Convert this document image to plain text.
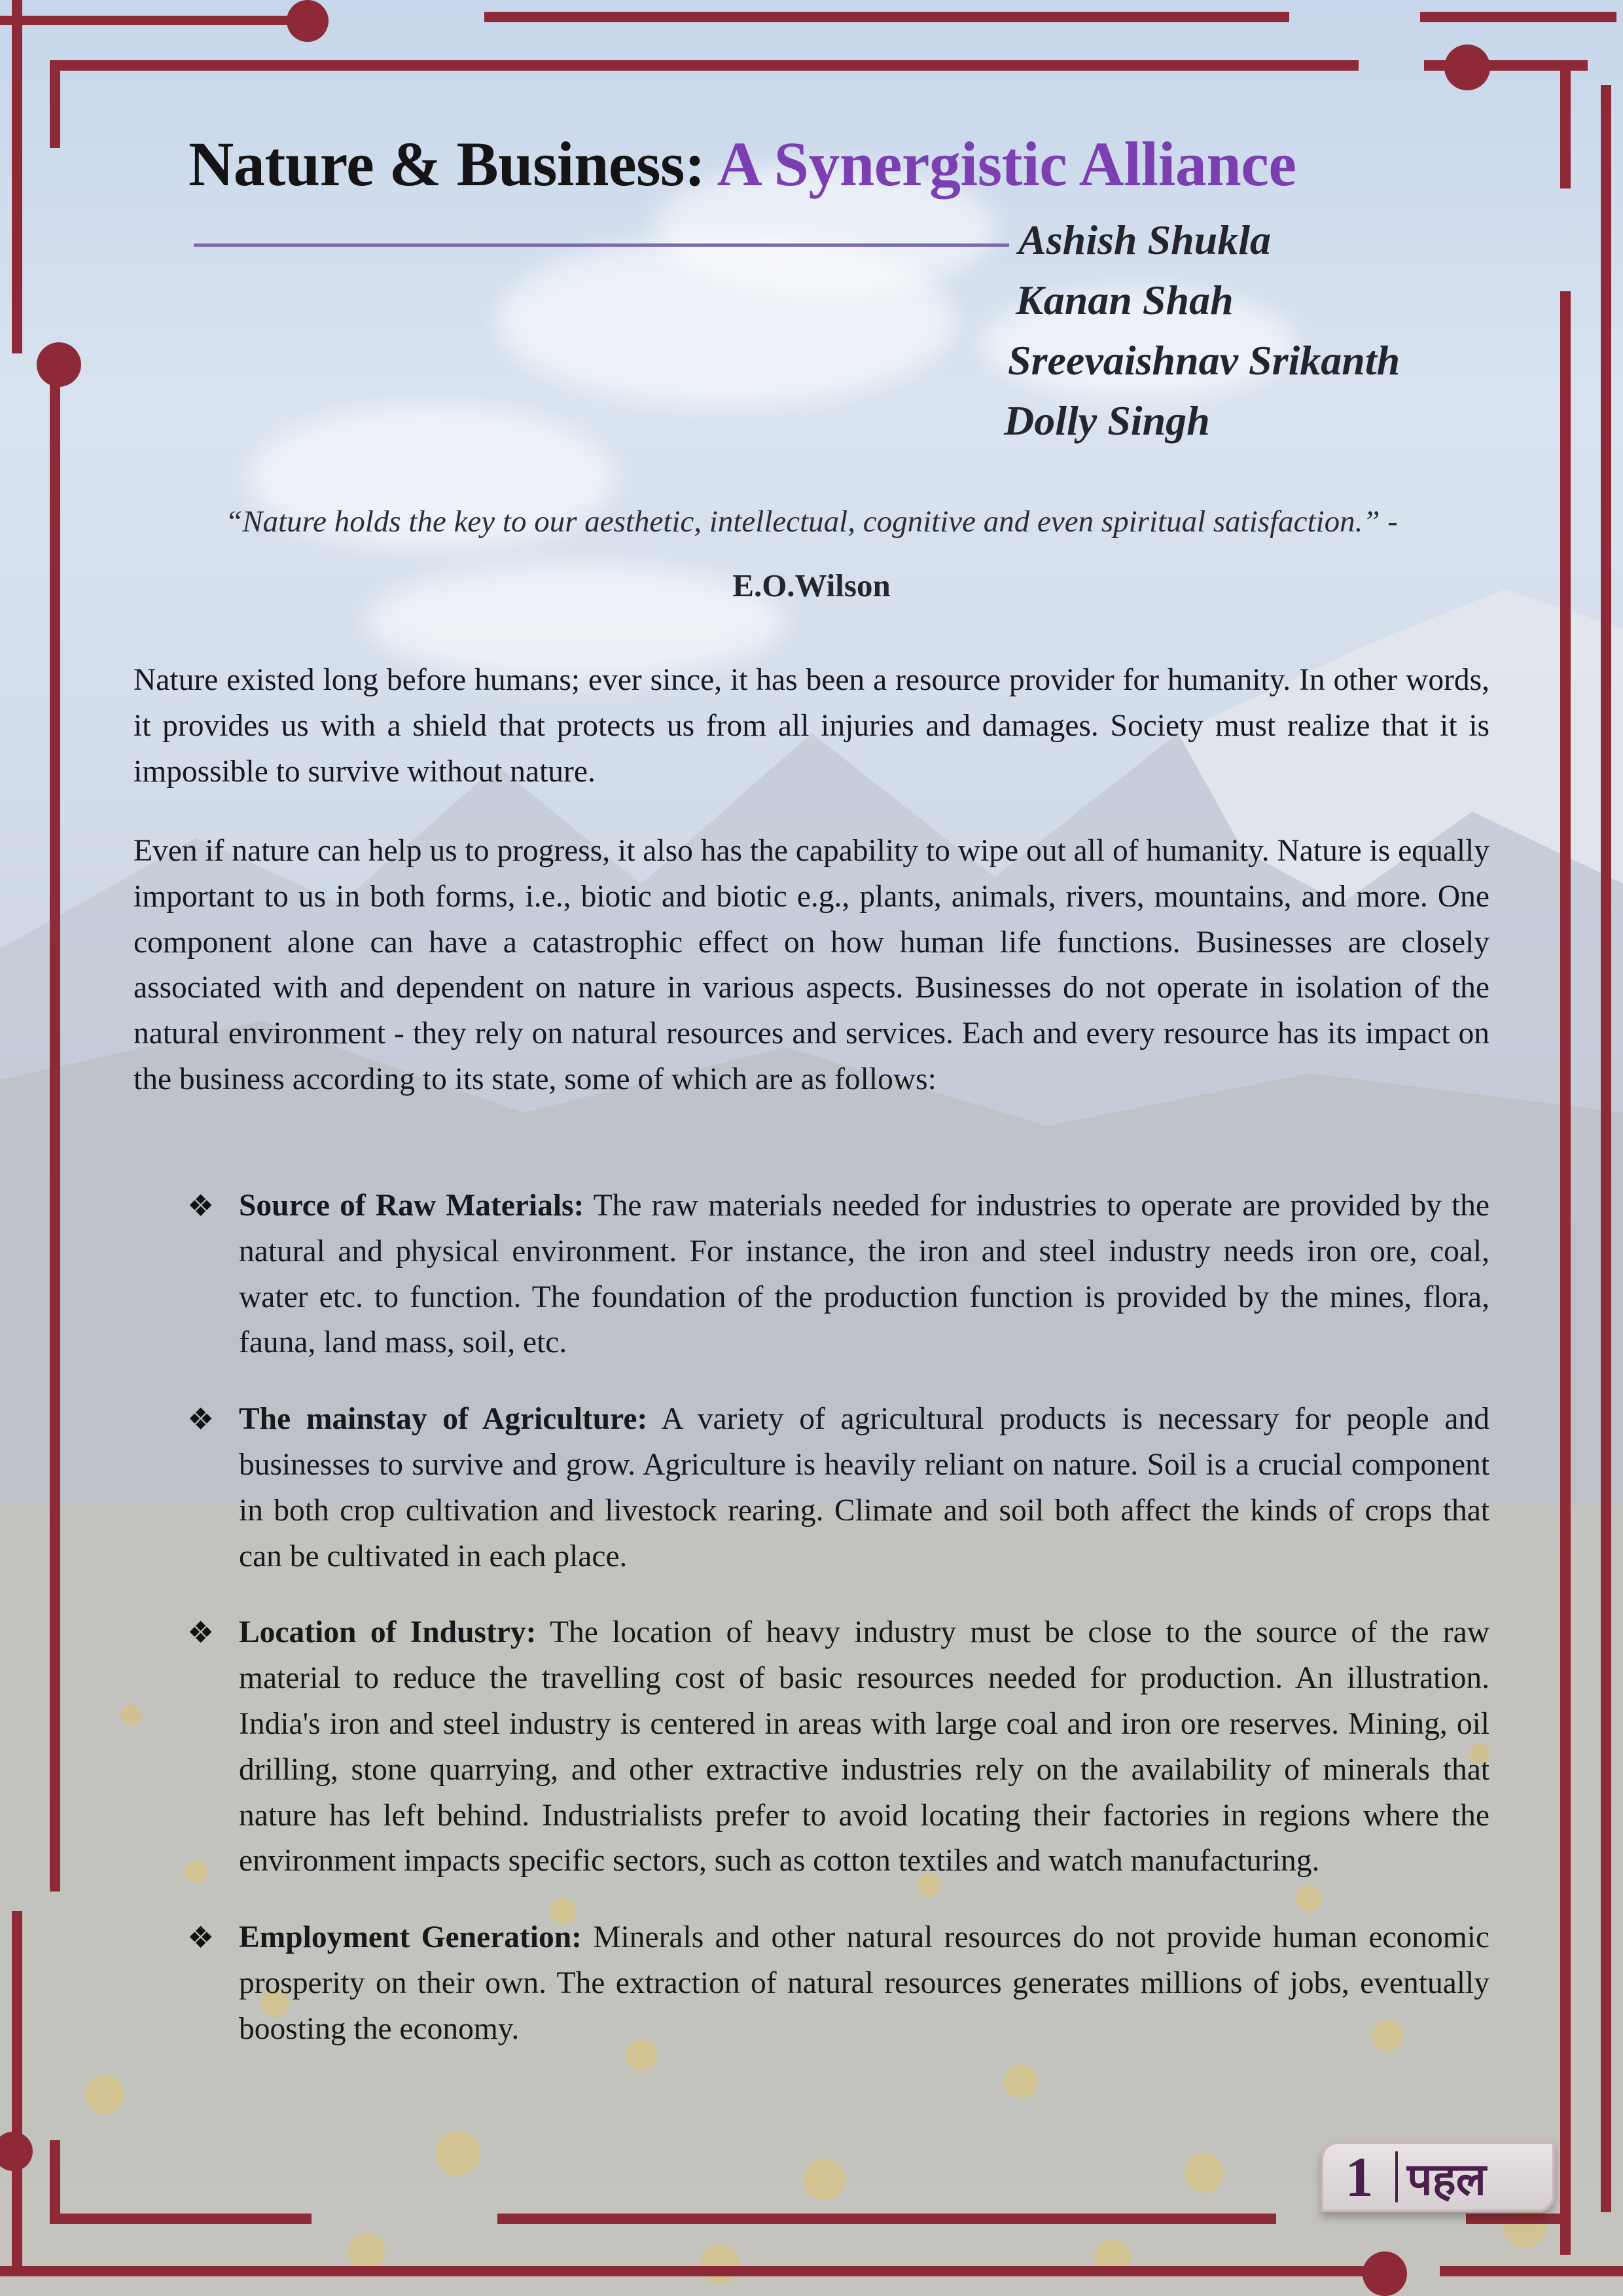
Nature & Business: A Synergistic Alliance
Ashish Shukla
Kanan Shah
Sreevaishnav Srikanth
Dolly Singh
“Nature holds the key to our aesthetic, intellectual, cognitive and even spiritual satisfaction.” -
E.O.Wilson

Nature existed long before humans; ever since, it has been a resource provider for humanity. In other words, it provides us with a shield that protects us from all injuries and damages. Society must realize that it is impossible to survive without nature.

Even if nature can help us to progress, it also has the capability to wipe out all of humanity. Nature is equally important to us in both forms, i.e., biotic and biotic e.g., plants, animals, rivers, mountains, and more. One component alone can have a catastrophic effect on how human life functions. Businesses are closely associated with and dependent on nature in various aspects. Businesses do not operate in isolation of the natural environment - they rely on natural resources and services. Each and every resource has its impact on the business according to its state, some of which are as follows:

❖ Source of Raw Materials: The raw materials needed for industries to operate are provided by the natural and physical environment. For instance, the iron and steel industry needs iron ore, coal, water etc. to function. The foundation of the production function is provided by the mines, flora, fauna, land mass, soil, etc.
❖ The mainstay of Agriculture: A variety of agricultural products is necessary for people and businesses to survive and grow. Agriculture is heavily reliant on nature. Soil is a crucial component in both crop cultivation and livestock rearing. Climate and soil both affect the kinds of crops that can be cultivated in each place.
❖ Location of Industry: The location of heavy industry must be close to the source of the raw material to reduce the travelling cost of basic resources needed for production. An illustration. India's iron and steel industry is centered in areas with large coal and iron ore reserves. Mining, oil drilling, stone quarrying, and other extractive industries rely on the availability of minerals that nature has left behind. Industrialists prefer to avoid locating their factories in regions where the environment impacts specific sectors, such as cotton textiles and watch manufacturing.
❖ Employment Generation: Minerals and other natural resources do not provide human economic prosperity on their own. The extraction of natural resources generates millions of jobs, eventually boosting the economy.
1 पहल
